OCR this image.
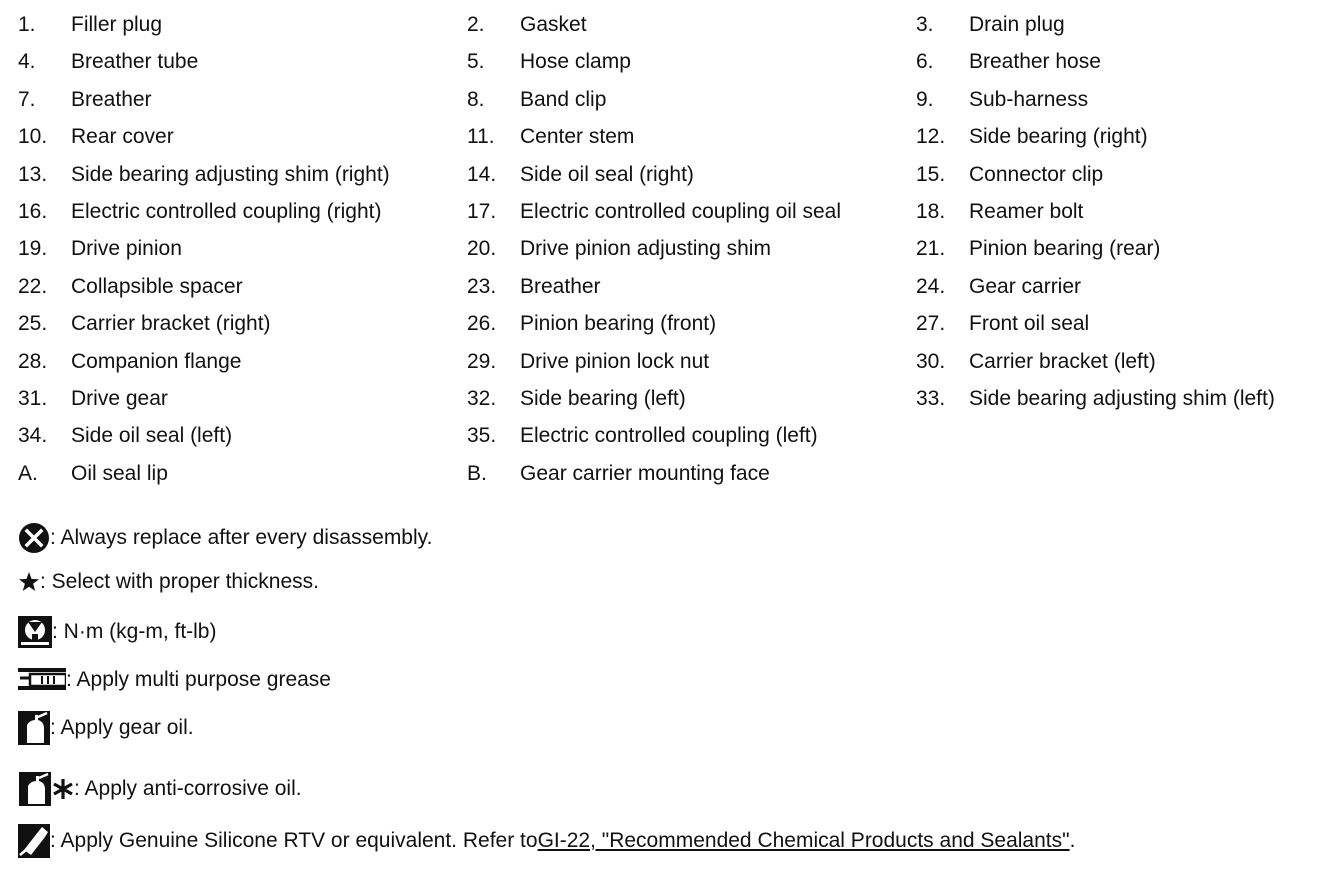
1. Filler plug	2. Gasket	3. Drain plug
4. Breather tube	5. Hose clamp	6. Breather hose
7. Breather	8. Band clip	9. Sub-harness
10. Rear cover	11. Center stem	12. Side bearing (right)
13. Side bearing adjusting shim (right)	14. Side oil seal (right)	15. Connector clip
16. Electric controlled coupling (right)	17. Electric controlled coupling oil seal	18. Reamer bolt
19. Drive pinion	20. Drive pinion adjusting shim	21. Pinion bearing (rear)
22. Collapsible spacer	23. Breather	24. Gear carrier
25. Carrier bracket (right)	26. Pinion bearing (front)	27. Front oil seal
28. Companion flange	29. Drive pinion lock nut	30. Carrier bracket (left)
31. Drive gear	32. Side bearing (left)	33. Side bearing adjusting shim (left)
34. Side oil seal (left)	35. Electric controlled coupling (left)
A. Oil seal lip	B. Gear carrier mounting face
: Always replace after every disassembly.
: Select with proper thickness.
: N·m (kg-m, ft-lb)
: Apply multi purpose grease
: Apply gear oil.
: Apply anti-corrosive oil.
: Apply Genuine Silicone RTV or equivalent. Refer to GI-22, "Recommended Chemical Products and Sealants" .
